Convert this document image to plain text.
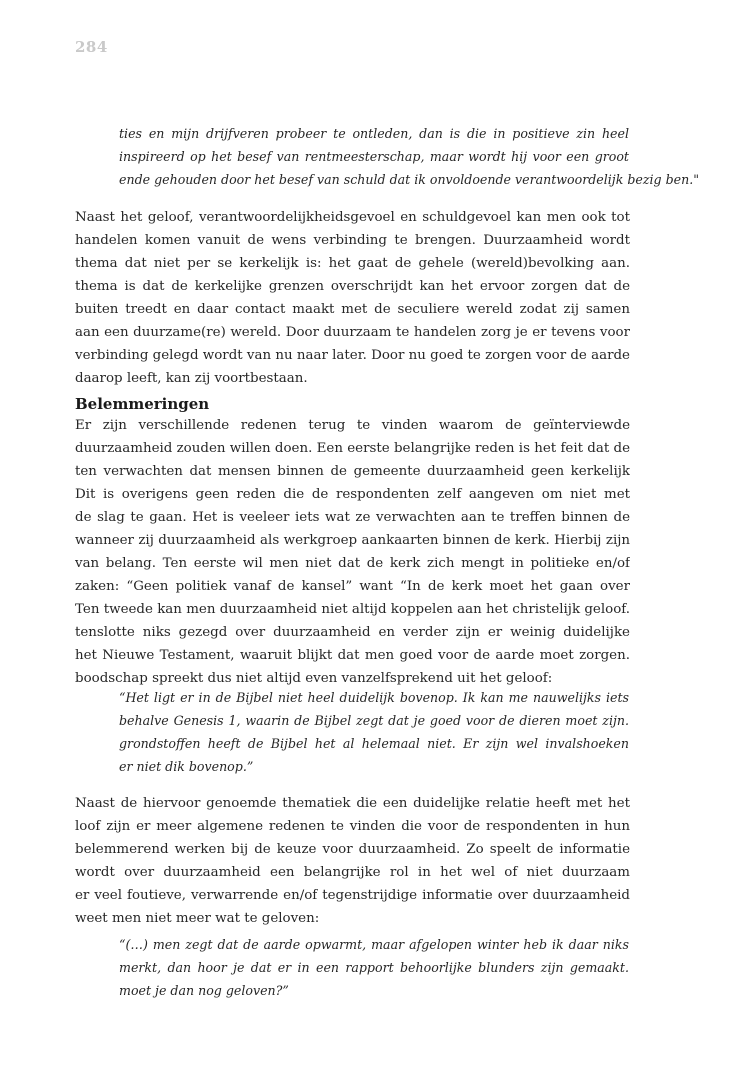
284
ties en mijn drijfveren probeer te ontleden, dan is die in positieve zin heel
inspireerd op het besef van rentmeesterschap, maar wordt hij voor een groot
ende gehouden door het besef van schuld dat ik onvoldoende verantwoordelijk bezig ben."
Naast het geloof, verantwoordelijkheidsgevoel en schuldgevoel kan men ook tot
handelen komen vanuit de wens verbinding te brengen. Duurzaamheid wordt
thema dat niet per se kerkelijk is: het gaat de gehele (wereld)bevolking aan.
thema is dat de kerkelijke grenzen overschrijdt kan het ervoor zorgen dat de
buiten treedt en daar contact maakt met de seculiere wereld zodat zij samen
aan een duurzame(re) wereld. Door duurzaam te handelen zorg je er tevens voor
verbinding gelegd wordt van nu naar later. Door nu goed te zorgen voor de aarde
daarop leeft, kan zij voortbestaan.
Belemmeringen
Er zijn verschillende redenen terug te vinden waarom de geïnterviewde
duurzaamheid zouden willen doen. Een eerste belangrijke reden is het feit dat de
ten verwachten dat mensen binnen de gemeente duurzaamheid geen kerkelijk
Dit is overigens geen reden die de respondenten zelf aangeven om niet met
de slag te gaan. Het is veeleer iets wat ze verwachten aan te treffen binnen de
wanneer zij duurzaamheid als werkgroep aankaarten binnen de kerk. Hierbij zijn
van belang. Ten eerste wil men niet dat de kerk zich mengt in politieke en/of
zaken: “Geen politiek vanaf de kansel” want “In de kerk moet het gaan over
Ten tweede kan men duurzaamheid niet altijd koppelen aan het christelijk geloof.
tenslotte niks gezegd over duurzaamheid en verder zijn er weinig duidelijke
het Nieuwe Testament, waaruit blijkt dat men goed voor de aarde moet zorgen.
boodschap spreekt dus niet altijd even vanzelfsprekend uit het geloof:
“Het ligt er in de Bijbel niet heel duidelijk bovenop. Ik kan me nauwelijks iets
behalve Genesis 1, waarin de Bijbel zegt dat je goed voor de dieren moet zijn.
grondstoffen heeft de Bijbel het al helemaal niet. Er zijn wel invalshoeken
er niet dik bovenop.”
Naast de hiervoor genoemde thematiek die een duidelijke relatie heeft met het
loof zijn er meer algemene redenen te vinden die voor de respondenten in hun
belemmerend werken bij de keuze voor duurzaamheid. Zo speelt de informatie
wordt over duurzaamheid een belangrijke rol in het wel of niet duurzaam
er veel foutieve, verwarrende en/of tegenstrijdige informatie over duurzaamheid
weet men niet meer wat te geloven:
“(…) men zegt dat de aarde opwarmt, maar afgelopen winter heb ik daar niks
merkt, dan hoor je dat er in een rapport behoorlijke blunders zijn gemaakt.
moet je dan nog geloven?”
